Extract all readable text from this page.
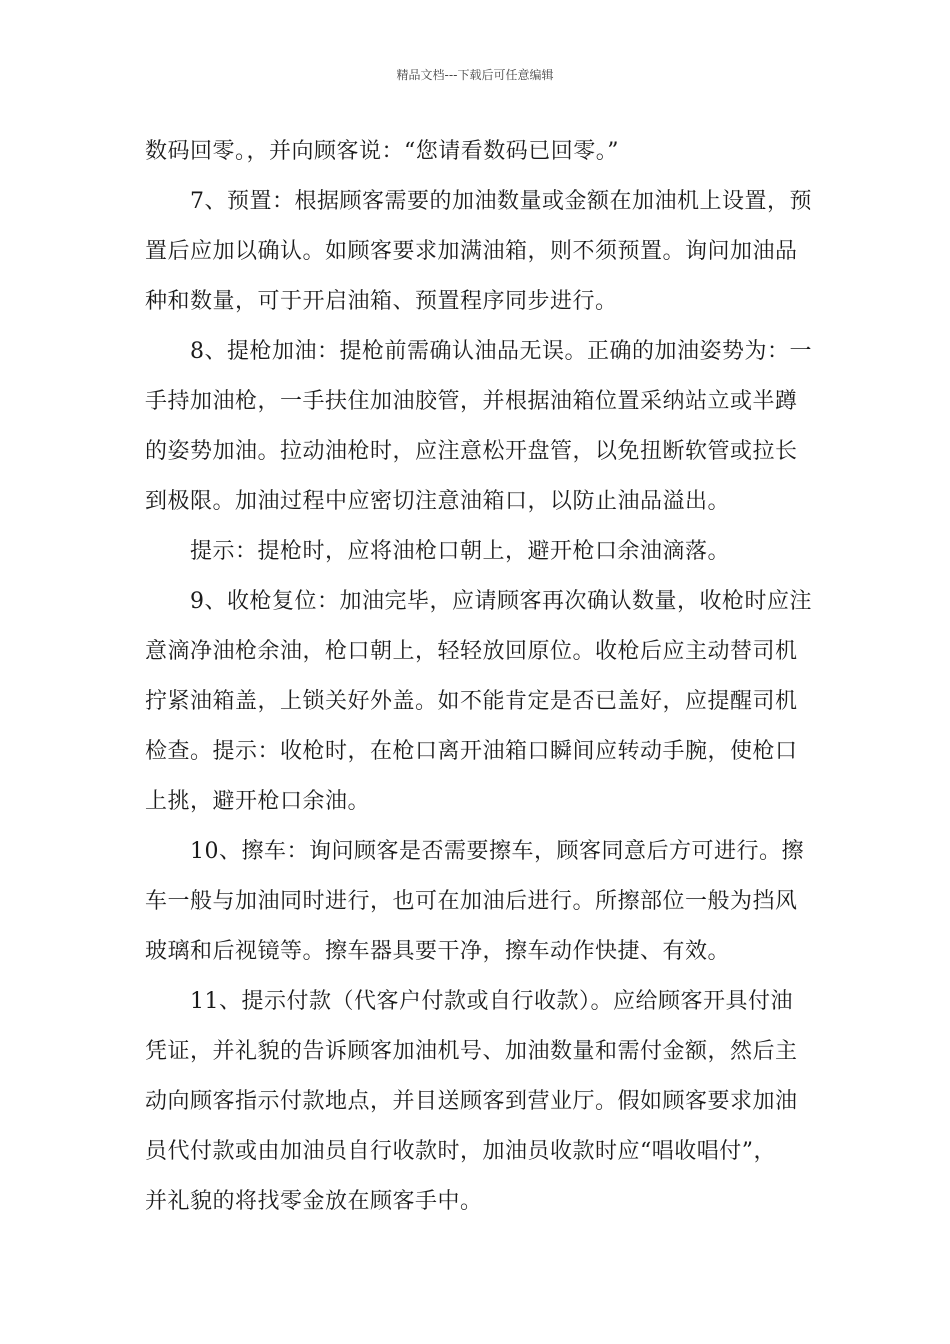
精品文档---下载后可任意编辑
数码回零。，并向顾客说：“您请看数码已回零。”
7、预置：根据顾客需要的加油数量或金额在加油机上设置，预
置后应加以确认。如顾客要求加满油箱，则不须预置。询问加油品
种和数量，可于开启油箱、预置程序同步进行。
8、提枪加油：提枪前需确认油品无误。正确的加油姿势为：一
手持加油枪，一手扶住加油胶管，并根据油箱位置采纳站立或半蹲
的姿势加油。拉动油枪时，应注意松开盘管，以免扭断软管或拉长
到极限。加油过程中应密切注意油箱口，以防止油品溢出。
提示：提枪时，应将油枪口朝上，避开枪口余油滴落。
9、收枪复位：加油完毕，应请顾客再次确认数量，收枪时应注
意滴净油枪余油，枪口朝上，轻轻放回原位。收枪后应主动替司机
拧紧油箱盖，上锁关好外盖。如不能肯定是否已盖好，应提醒司机
检查。提示：收枪时，在枪口离开油箱口瞬间应转动手腕，使枪口
上挑，避开枪口余油。
10、擦车：询问顾客是否需要擦车，顾客同意后方可进行。擦
车一般与加油同时进行，也可在加油后进行。所擦部位一般为挡风
玻璃和后视镜等。擦车器具要干净，擦车动作快捷、有效。
11、提示付款（代客户付款或自行收款）。应给顾客开具付油
凭证，并礼貌的告诉顾客加油机号、加油数量和需付金额，然后主
动向顾客指示付款地点，并目送顾客到营业厅。假如顾客要求加油
员代付款或由加油员自行收款时，加油员收款时应“唱收唱付”，
并礼貌的将找零金放在顾客手中。
